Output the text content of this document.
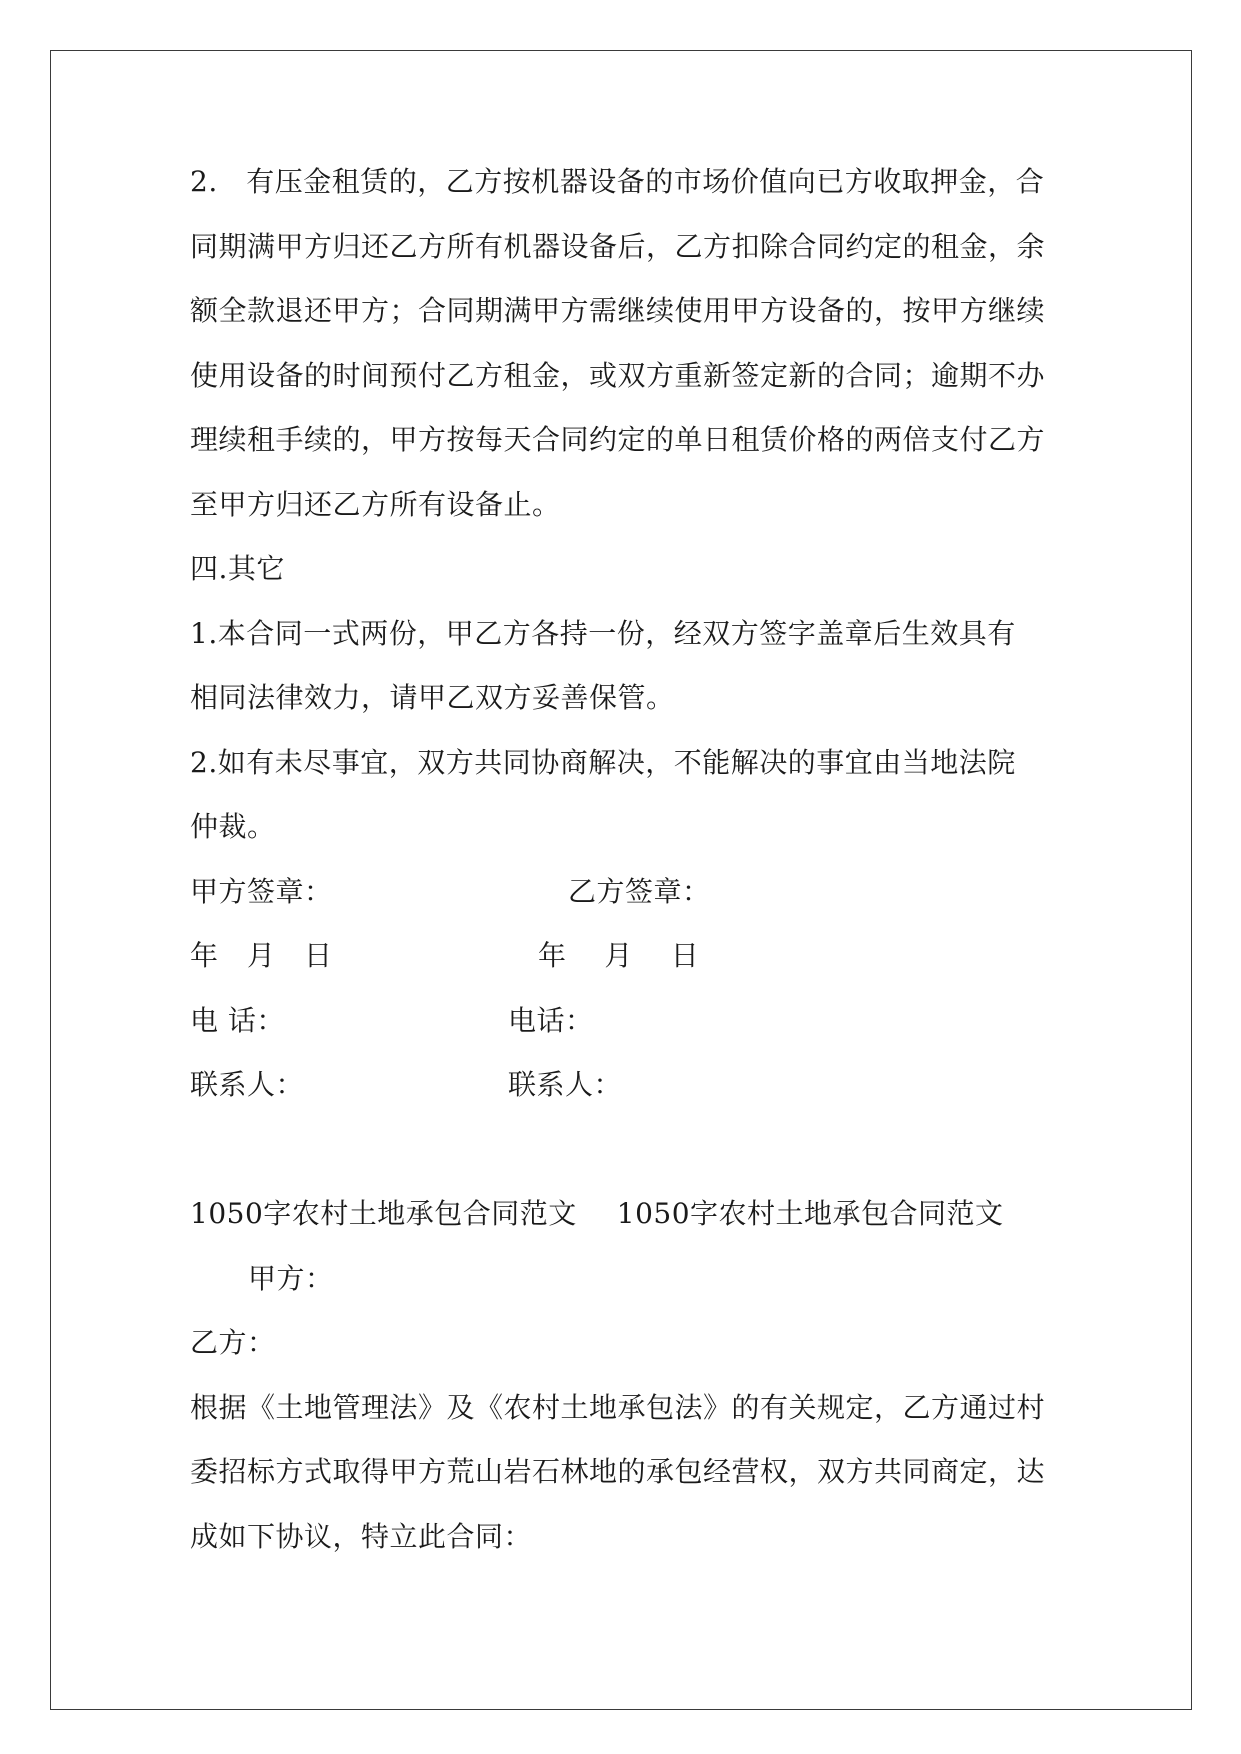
2.　有压金租赁的，乙方按机器设备的市场价值向已方收取押金，合
同期满甲方归还乙方所有机器设备后，乙方扣除合同约定的租金，余
额全款退还甲方；合同期满甲方需继续使用甲方设备的，按甲方继续
使用设备的时间预付乙方租金，或双方重新签定新的合同；逾期不办
理续租手续的，甲方按每天合同约定的单日租赁价格的两倍支付乙方
至甲方归还乙方所有设备止。
四.其它
1.本合同一式两份，甲乙方各持一份，经双方签字盖章后生效具有
相同法律效力，请甲乙双方妥善保管。
2.如有未尽事宜，双方共同协商解决，不能解决的事宜由当地法院
仲裁。
甲方签章：	乙方签章：
年　月　日	年　 月　 日
电 话：	电话：
联系人：	联系人：
1050字农村土地承包合同范文 1050字农村土地承包合同范文
甲方：
乙方：
根据《土地管理法》及《农村土地承包法》的有关规定，乙方通过村
委招标方式取得甲方荒山岩石林地的承包经营权，双方共同商定，达
成如下协议，特立此合同：
